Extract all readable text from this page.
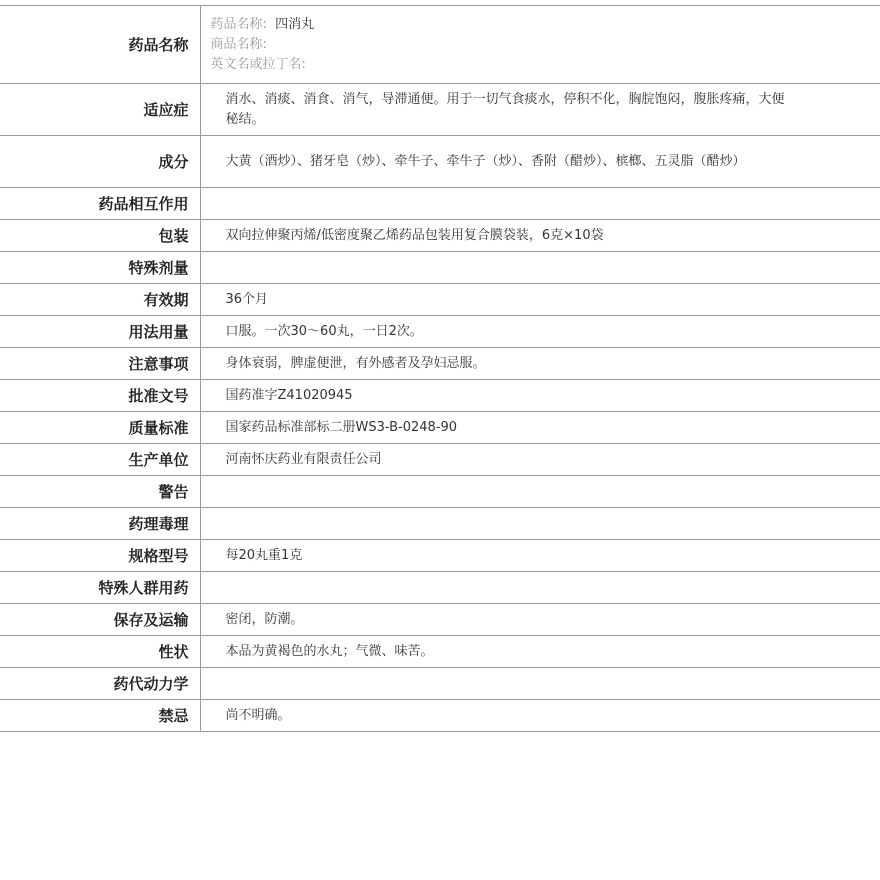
药品名称	药品名称: 四消丸
商品名称:
英文名或拉丁名:

适应症	消水、消痰、消食、消气，导滞通便。用于一切气食痰水，停积不化，胸脘饱闷，腹胀疼痛，大便秘结。
成分	大黄（酒炒）、猪牙皂（炒）、牵牛子、牵牛子（炒）、香附（醋炒）、槟榔、五灵脂（醋炒）
药品相互作用	
包装	双向拉伸聚丙烯/低密度聚乙烯药品包装用复合膜袋装，6克×10袋
特殊剂量	
有效期	36个月
用法用量	口服。一次30～60丸，一日2次。
注意事项	身体衰弱，脾虚便泄，有外感者及孕妇忌服。
批准文号	国药准字Z41020945
质量标准	国家药品标准部标二册WS3-B-0248-90
生产单位	河南怀庆药业有限责任公司
警告	
药理毒理	
规格型号	每20丸重1克
特殊人群用药	
保存及运输	密闭，防潮。
性状	本品为黄褐色的水丸；气微、味苦。
药代动力学	
禁忌	尚不明确。
